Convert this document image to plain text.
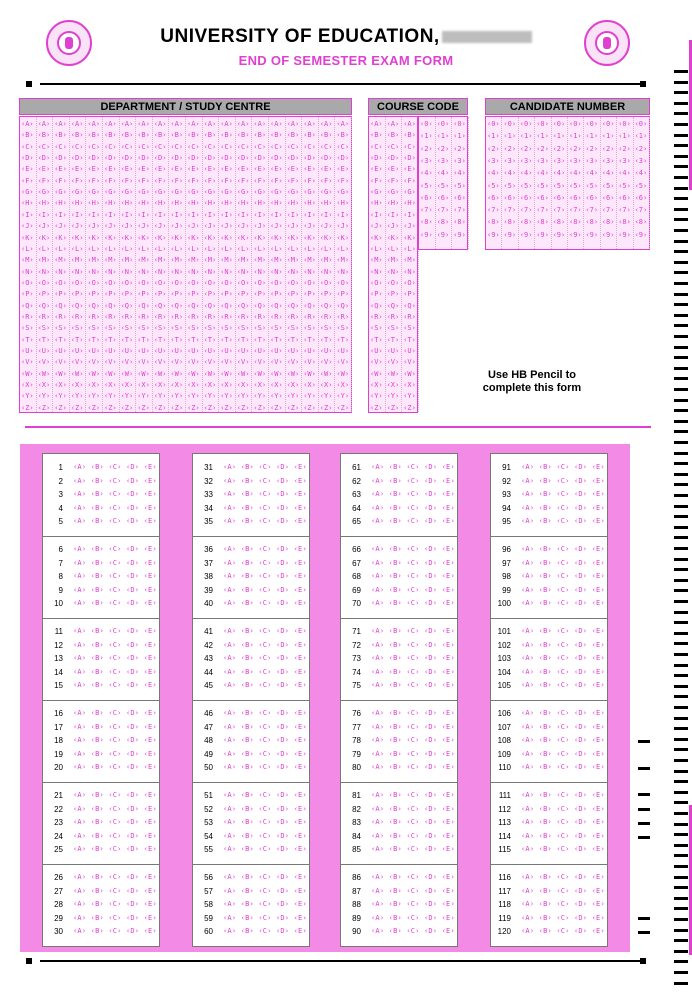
UNIVERSITY OF EDUCATION,
END OF SEMESTER EXAM FORM
DEPARTMENT / STUDY CENTRE	COURSE CODE	CANDIDATE NUMBER
‹A›
‹B›
‹C›
‹D›
‹E›
‹F›
‹G›
‹H›
‹I›
‹J›
‹K›
‹L›
‹M›
‹N›
‹O›
‹P›
‹Q›
‹R›
‹S›
‹T›
‹U›
‹V›
‹W›
‹X›
‹Y›
‹Z›
‹A›
‹B›
‹C›
‹D›
‹E›
‹F›
‹G›
‹H›
‹I›
‹J›
‹K›
‹L›
‹M›
‹N›
‹O›
‹P›
‹Q›
‹R›
‹S›
‹T›
‹U›
‹V›
‹W›
‹X›
‹Y›
‹Z›
‹A›
‹B›
‹C›
‹D›
‹E›
‹F›
‹G›
‹H›
‹I›
‹J›
‹K›
‹L›
‹M›
‹N›
‹O›
‹P›
‹Q›
‹R›
‹S›
‹T›
‹U›
‹V›
‹W›
‹X›
‹Y›
‹Z›
‹A›
‹B›
‹C›
‹D›
‹E›
‹F›
‹G›
‹H›
‹I›
‹J›
‹K›
‹L›
‹M›
‹N›
‹O›
‹P›
‹Q›
‹R›
‹S›
‹T›
‹U›
‹V›
‹W›
‹X›
‹Y›
‹Z›
‹A›
‹B›
‹C›
‹D›
‹E›
‹F›
‹G›
‹H›
‹I›
‹J›
‹K›
‹L›
‹M›
‹N›
‹O›
‹P›
‹Q›
‹R›
‹S›
‹T›
‹U›
‹V›
‹W›
‹X›
‹Y›
‹Z›
‹A›
‹B›
‹C›
‹D›
‹E›
‹F›
‹G›
‹H›
‹I›
‹J›
‹K›
‹L›
‹M›
‹N›
‹O›
‹P›
‹Q›
‹R›
‹S›
‹T›
‹U›
‹V›
‹W›
‹X›
‹Y›
‹Z›
‹A›
‹B›
‹C›
‹D›
‹E›
‹F›
‹G›
‹H›
‹I›
‹J›
‹K›
‹L›
‹M›
‹N›
‹O›
‹P›
‹Q›
‹R›
‹S›
‹T›
‹U›
‹V›
‹W›
‹X›
‹Y›
‹Z›
‹A›
‹B›
‹C›
‹D›
‹E›
‹F›
‹G›
‹H›
‹I›
‹J›
‹K›
‹L›
‹M›
‹N›
‹O›
‹P›
‹Q›
‹R›
‹S›
‹T›
‹U›
‹V›
‹W›
‹X›
‹Y›
‹Z›
‹A›
‹B›
‹C›
‹D›
‹E›
‹F›
‹G›
‹H›
‹I›
‹J›
‹K›
‹L›
‹M›
‹N›
‹O›
‹P›
‹Q›
‹R›
‹S›
‹T›
‹U›
‹V›
‹W›
‹X›
‹Y›
‹Z›
‹A›
‹B›
‹C›
‹D›
‹E›
‹F›
‹G›
‹H›
‹I›
‹J›
‹K›
‹L›
‹M›
‹N›
‹O›
‹P›
‹Q›
‹R›
‹S›
‹T›
‹U›
‹V›
‹W›
‹X›
‹Y›
‹Z›
‹A›
‹B›
‹C›
‹D›
‹E›
‹F›
‹G›
‹H›
‹I›
‹J›
‹K›
‹L›
‹M›
‹N›
‹O›
‹P›
‹Q›
‹R›
‹S›
‹T›
‹U›
‹V›
‹W›
‹X›
‹Y›
‹Z›
‹A›
‹B›
‹C›
‹D›
‹E›
‹F›
‹G›
‹H›
‹I›
‹J›
‹K›
‹L›
‹M›
‹N›
‹O›
‹P›
‹Q›
‹R›
‹S›
‹T›
‹U›
‹V›
‹W›
‹X›
‹Y›
‹Z›
‹A›
‹B›
‹C›
‹D›
‹E›
‹F›
‹G›
‹H›
‹I›
‹J›
‹K›
‹L›
‹M›
‹N›
‹O›
‹P›
‹Q›
‹R›
‹S›
‹T›
‹U›
‹V›
‹W›
‹X›
‹Y›
‹Z›
‹A›
‹B›
‹C›
‹D›
‹E›
‹F›
‹G›
‹H›
‹I›
‹J›
‹K›
‹L›
‹M›
‹N›
‹O›
‹P›
‹Q›
‹R›
‹S›
‹T›
‹U›
‹V›
‹W›
‹X›
‹Y›
‹Z›
‹A›
‹B›
‹C›
‹D›
‹E›
‹F›
‹G›
‹H›
‹I›
‹J›
‹K›
‹L›
‹M›
‹N›
‹O›
‹P›
‹Q›
‹R›
‹S›
‹T›
‹U›
‹V›
‹W›
‹X›
‹Y›
‹Z›
‹A›
‹B›
‹C›
‹D›
‹E›
‹F›
‹G›
‹H›
‹I›
‹J›
‹K›
‹L›
‹M›
‹N›
‹O›
‹P›
‹Q›
‹R›
‹S›
‹T›
‹U›
‹V›
‹W›
‹X›
‹Y›
‹Z›
‹A›
‹B›
‹C›
‹D›
‹E›
‹F›
‹G›
‹H›
‹I›
‹J›
‹K›
‹L›
‹M›
‹N›
‹O›
‹P›
‹Q›
‹R›
‹S›
‹T›
‹U›
‹V›
‹W›
‹X›
‹Y›
‹Z›
‹A›
‹B›
‹C›
‹D›
‹E›
‹F›
‹G›
‹H›
‹I›
‹J›
‹K›
‹L›
‹M›
‹N›
‹O›
‹P›
‹Q›
‹R›
‹S›
‹T›
‹U›
‹V›
‹W›
‹X›
‹Y›
‹Z›
‹A›
‹B›
‹C›
‹D›
‹E›
‹F›
‹G›
‹H›
‹I›
‹J›
‹K›
‹L›
‹M›
‹N›
‹O›
‹P›
‹Q›
‹R›
‹S›
‹T›
‹U›
‹V›
‹W›
‹X›
‹Y›
‹Z›
‹A›
‹B›
‹C›
‹D›
‹E›
‹F›
‹G›
‹H›
‹I›
‹J›
‹K›
‹L›
‹M›
‹N›
‹O›
‹P›
‹Q›
‹R›
‹S›
‹T›
‹U›
‹V›
‹W›
‹X›
‹Y›
‹Z›
‹A›
‹B›
‹C›
‹D›
‹E›
‹F›
‹G›
‹H›
‹I›
‹J›
‹K›
‹L›
‹M›
‹N›
‹O›
‹P›
‹Q›
‹R›
‹S›
‹T›
‹U›
‹V›
‹W›
‹X›
‹Y›
‹Z›
‹A›
‹B›
‹C›
‹D›
‹E›
‹F›
‹G›
‹H›
‹I›
‹J›
‹K›
‹L›
‹M›
‹N›
‹O›
‹P›
‹Q›
‹R›
‹S›
‹T›
‹U›
‹V›
‹W›
‹X›
‹Y›
‹Z›
‹A›
‹B›
‹C›
‹D›
‹E›
‹F›
‹G›
‹H›
‹I›
‹J›
‹K›
‹L›
‹M›
‹N›
‹O›
‹P›
‹Q›
‹R›
‹S›
‹T›
‹U›
‹V›
‹W›
‹X›
‹Y›
‹Z›
‹0›
‹1›
‹2›
‹3›
‹4›
‹5›
‹6›
‹7›
‹8›
‹9›
‹0›
‹1›
‹2›
‹3›
‹4›
‹5›
‹6›
‹7›
‹8›
‹9›
‹0›
‹1›
‹2›
‹3›
‹4›
‹5›
‹6›
‹7›
‹8›
‹9›
‹0›
‹1›
‹2›
‹3›
‹4›
‹5›
‹6›
‹7›
‹8›
‹9›
‹0›
‹1›
‹2›
‹3›
‹4›
‹5›
‹6›
‹7›
‹8›
‹9›
‹0›
‹1›
‹2›
‹3›
‹4›
‹5›
‹6›
‹7›
‹8›
‹9›
‹0›
‹1›
‹2›
‹3›
‹4›
‹5›
‹6›
‹7›
‹8›
‹9›
‹0›
‹1›
‹2›
‹3›
‹4›
‹5›
‹6›
‹7›
‹8›
‹9›
‹0›
‹1›
‹2›
‹3›
‹4›
‹5›
‹6›
‹7›
‹8›
‹9›
‹0›
‹1›
‹2›
‹3›
‹4›
‹5›
‹6›
‹7›
‹8›
‹9›
‹0›
‹1›
‹2›
‹3›
‹4›
‹5›
‹6›
‹7›
‹8›
‹9›
‹0›
‹1›
‹2›
‹3›
‹4›
‹5›
‹6›
‹7›
‹8›
‹9›
‹0›
‹1›
‹2›
‹3›
‹4›
‹5›
‹6›
‹7›
‹8›
‹9›
Use HB Pencil to complete this form
1 ‹A› ‹B› ‹C› ‹D› ‹E›
2 ‹A› ‹B› ‹C› ‹D› ‹E›
3 ‹A› ‹B› ‹C› ‹D› ‹E›
4 ‹A› ‹B› ‹C› ‹D› ‹E›
5 ‹A› ‹B› ‹C› ‹D› ‹E›
6 ‹A› ‹B› ‹C› ‹D› ‹E›
7 ‹A› ‹B› ‹C› ‹D› ‹E›
8 ‹A› ‹B› ‹C› ‹D› ‹E›
9 ‹A› ‹B› ‹C› ‹D› ‹E›
10 ‹A› ‹B› ‹C› ‹D› ‹E›
11 ‹A› ‹B› ‹C› ‹D› ‹E›
12 ‹A› ‹B› ‹C› ‹D› ‹E›
13 ‹A› ‹B› ‹C› ‹D› ‹E›
14 ‹A› ‹B› ‹C› ‹D› ‹E›
15 ‹A› ‹B› ‹C› ‹D› ‹E›
16 ‹A› ‹B› ‹C› ‹D› ‹E›
17 ‹A› ‹B› ‹C› ‹D› ‹E›
18 ‹A› ‹B› ‹C› ‹D› ‹E›
19 ‹A› ‹B› ‹C› ‹D› ‹E›
20 ‹A› ‹B› ‹C› ‹D› ‹E›
21 ‹A› ‹B› ‹C› ‹D› ‹E›
22 ‹A› ‹B› ‹C› ‹D› ‹E›
23 ‹A› ‹B› ‹C› ‹D› ‹E›
24 ‹A› ‹B› ‹C› ‹D› ‹E›
25 ‹A› ‹B› ‹C› ‹D› ‹E›
26 ‹A› ‹B› ‹C› ‹D› ‹E›
27 ‹A› ‹B› ‹C› ‹D› ‹E›
28 ‹A› ‹B› ‹C› ‹D› ‹E›
29 ‹A› ‹B› ‹C› ‹D› ‹E›
30 ‹A› ‹B› ‹C› ‹D› ‹E›
31 ‹A› ‹B› ‹C› ‹D› ‹E›
32 ‹A› ‹B› ‹C› ‹D› ‹E›
33 ‹A› ‹B› ‹C› ‹D› ‹E›
34 ‹A› ‹B› ‹C› ‹D› ‹E›
35 ‹A› ‹B› ‹C› ‹D› ‹E›
36 ‹A› ‹B› ‹C› ‹D› ‹E›
37 ‹A› ‹B› ‹C› ‹D› ‹E›
38 ‹A› ‹B› ‹C› ‹D› ‹E›
39 ‹A› ‹B› ‹C› ‹D› ‹E›
40 ‹A› ‹B› ‹C› ‹D› ‹E›
41 ‹A› ‹B› ‹C› ‹D› ‹E›
42 ‹A› ‹B› ‹C› ‹D› ‹E›
43 ‹A› ‹B› ‹C› ‹D› ‹E›
44 ‹A› ‹B› ‹C› ‹D› ‹E›
45 ‹A› ‹B› ‹C› ‹D› ‹E›
46 ‹A› ‹B› ‹C› ‹D› ‹E›
47 ‹A› ‹B› ‹C› ‹D› ‹E›
48 ‹A› ‹B› ‹C› ‹D› ‹E›
49 ‹A› ‹B› ‹C› ‹D› ‹E›
50 ‹A› ‹B› ‹C› ‹D› ‹E›
51 ‹A› ‹B› ‹C› ‹D› ‹E›
52 ‹A› ‹B› ‹C› ‹D› ‹E›
53 ‹A› ‹B› ‹C› ‹D› ‹E›
54 ‹A› ‹B› ‹C› ‹D› ‹E›
55 ‹A› ‹B› ‹C› ‹D› ‹E›
56 ‹A› ‹B› ‹C› ‹D› ‹E›
57 ‹A› ‹B› ‹C› ‹D› ‹E›
58 ‹A› ‹B› ‹C› ‹D› ‹E›
59 ‹A› ‹B› ‹C› ‹D› ‹E›
60 ‹A› ‹B› ‹C› ‹D› ‹E›
61 ‹A› ‹B› ‹C› ‹D› ‹E›
62 ‹A› ‹B› ‹C› ‹D› ‹E›
63 ‹A› ‹B› ‹C› ‹D› ‹E›
64 ‹A› ‹B› ‹C› ‹D› ‹E›
65 ‹A› ‹B› ‹C› ‹D› ‹E›
66 ‹A› ‹B› ‹C› ‹D› ‹E›
67 ‹A› ‹B› ‹C› ‹D› ‹E›
68 ‹A› ‹B› ‹C› ‹D› ‹E›
69 ‹A› ‹B› ‹C› ‹D› ‹E›
70 ‹A› ‹B› ‹C› ‹D› ‹E›
71 ‹A› ‹B› ‹C› ‹D› ‹E›
72 ‹A› ‹B› ‹C› ‹D› ‹E›
73 ‹A› ‹B› ‹C› ‹D› ‹E›
74 ‹A› ‹B› ‹C› ‹D› ‹E›
75 ‹A› ‹B› ‹C› ‹D› ‹E›
76 ‹A› ‹B› ‹C› ‹D› ‹E›
77 ‹A› ‹B› ‹C› ‹D› ‹E›
78 ‹A› ‹B› ‹C› ‹D› ‹E›
79 ‹A› ‹B› ‹C› ‹D› ‹E›
80 ‹A› ‹B› ‹C› ‹D› ‹E›
81 ‹A› ‹B› ‹C› ‹D› ‹E›
82 ‹A› ‹B› ‹C› ‹D› ‹E›
83 ‹A› ‹B› ‹C› ‹D› ‹E›
84 ‹A› ‹B› ‹C› ‹D› ‹E›
85 ‹A› ‹B› ‹C› ‹D› ‹E›
86 ‹A› ‹B› ‹C› ‹D› ‹E›
87 ‹A› ‹B› ‹C› ‹D› ‹E›
88 ‹A› ‹B› ‹C› ‹D› ‹E›
89 ‹A› ‹B› ‹C› ‹D› ‹E›
90 ‹A› ‹B› ‹C› ‹D› ‹E›
91 ‹A› ‹B› ‹C› ‹D› ‹E›
92 ‹A› ‹B› ‹C› ‹D› ‹E›
93 ‹A› ‹B› ‹C› ‹D› ‹E›
94 ‹A› ‹B› ‹C› ‹D› ‹E›
95 ‹A› ‹B› ‹C› ‹D› ‹E›
96 ‹A› ‹B› ‹C› ‹D› ‹E›
97 ‹A› ‹B› ‹C› ‹D› ‹E›
98 ‹A› ‹B› ‹C› ‹D› ‹E›
99 ‹A› ‹B› ‹C› ‹D› ‹E›
100 ‹A› ‹B› ‹C› ‹D› ‹E›
101 ‹A› ‹B› ‹C› ‹D› ‹E›
102 ‹A› ‹B› ‹C› ‹D› ‹E›
103 ‹A› ‹B› ‹C› ‹D› ‹E›
104 ‹A› ‹B› ‹C› ‹D› ‹E›
105 ‹A› ‹B› ‹C› ‹D› ‹E›
106 ‹A› ‹B› ‹C› ‹D› ‹E›
107 ‹A› ‹B› ‹C› ‹D› ‹E›
108 ‹A› ‹B› ‹C› ‹D› ‹E›
109 ‹A› ‹B› ‹C› ‹D› ‹E›
110 ‹A› ‹B› ‹C› ‹D› ‹E›
111 ‹A› ‹B› ‹C› ‹D› ‹E›
112 ‹A› ‹B› ‹C› ‹D› ‹E›
113 ‹A› ‹B› ‹C› ‹D› ‹E›
114 ‹A› ‹B› ‹C› ‹D› ‹E›
115 ‹A› ‹B› ‹C› ‹D› ‹E›
116 ‹A› ‹B› ‹C› ‹D› ‹E›
117 ‹A› ‹B› ‹C› ‹D› ‹E›
118 ‹A› ‹B› ‹C› ‹D› ‹E›
119 ‹A› ‹B› ‹C› ‹D› ‹E›
120 ‹A› ‹B› ‹C› ‹D› ‹E›
